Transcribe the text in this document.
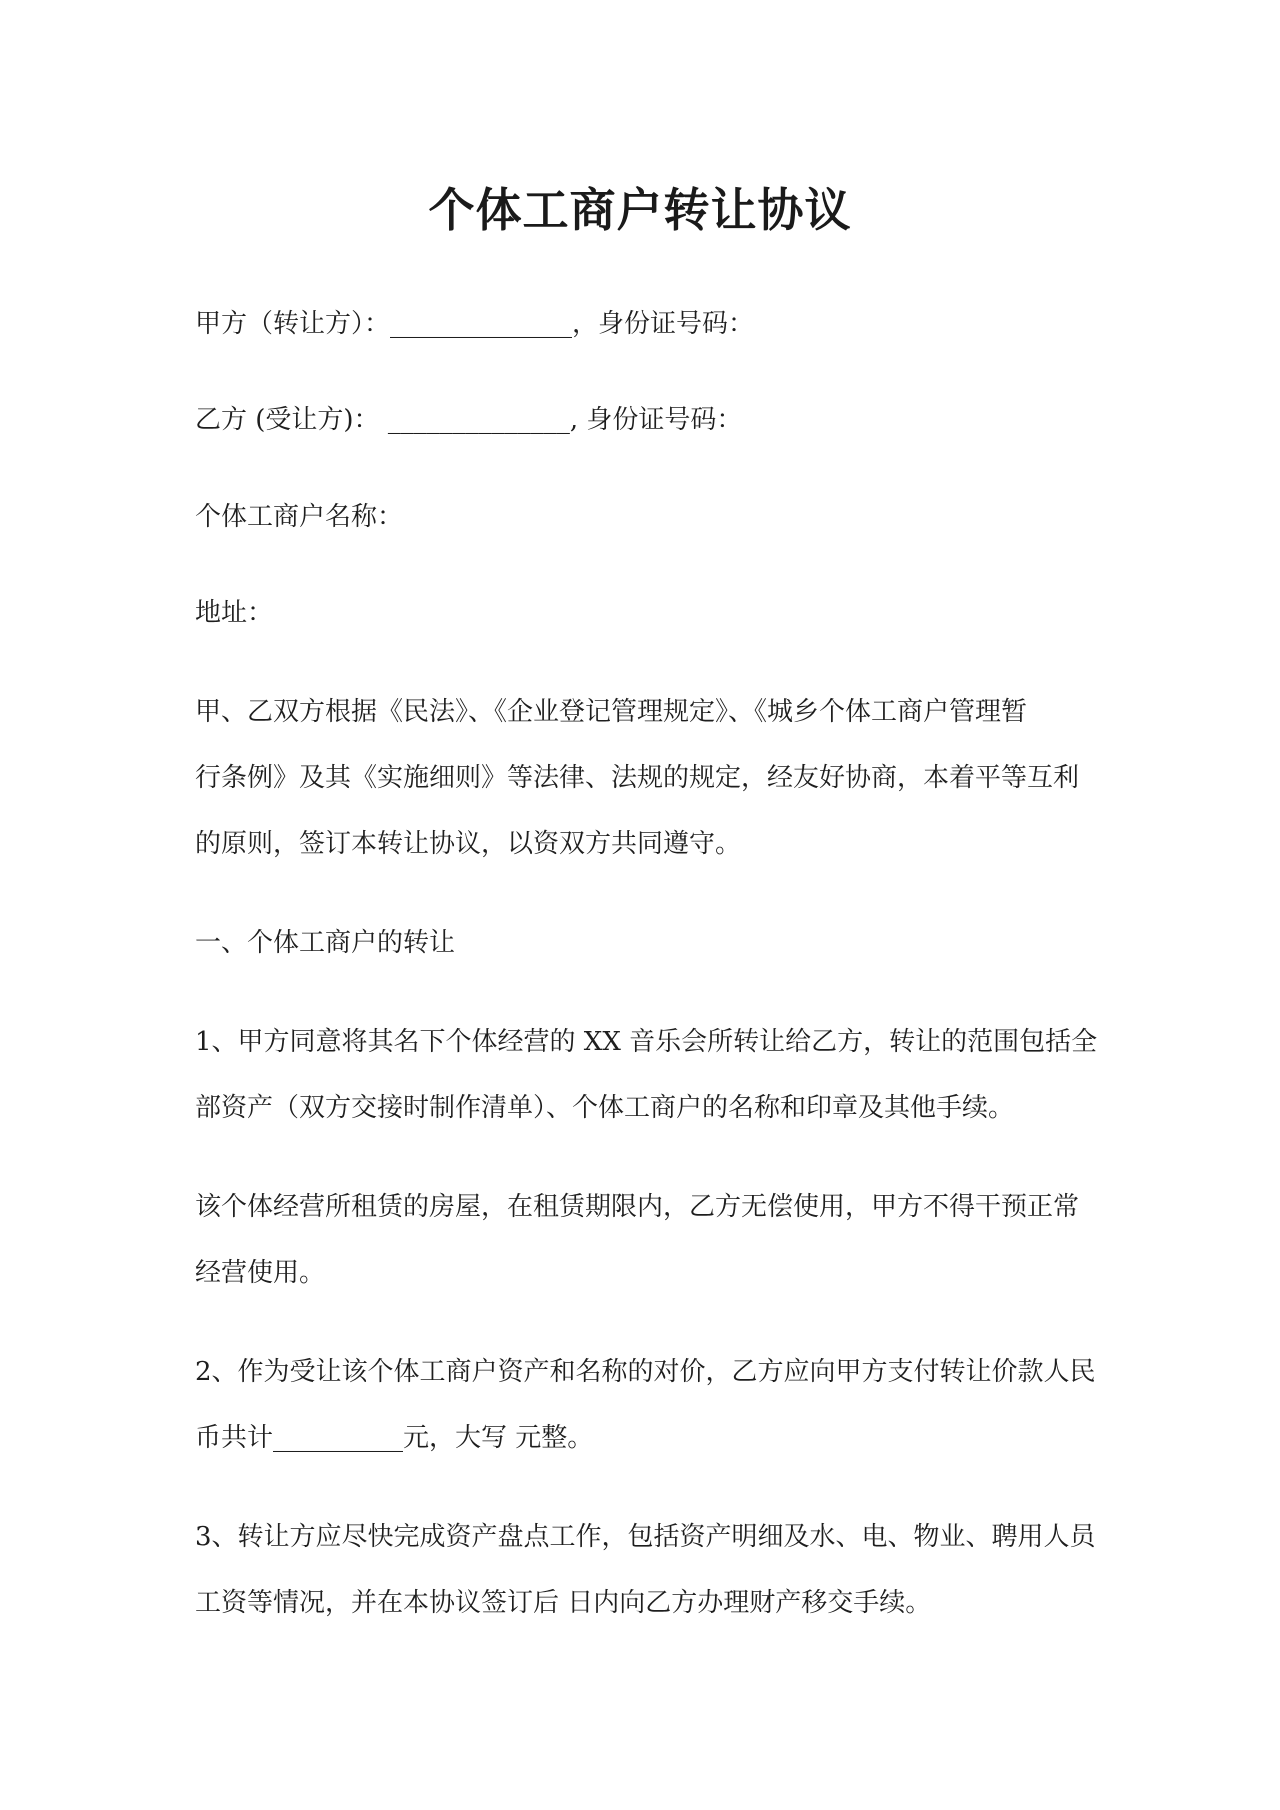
个体工商户转让协议

甲方（转让方）：______________，身份证号码：

乙方 (受让方)： ______________, 身份证号码：

个体工商户名称：

地址：

甲、乙双方根据《民法》、《企业登记管理规定》、《城乡个体工商户管理暂

行条例》及其《实施细则》等法律、法规的规定，经友好协商，本着平等互利

的原则，签订本转让协议，以资双方共同遵守。

一、个体工商户的转让

1、甲方同意将其名下个体经营的 XX 音乐会所转让给乙方，转让的范围包括全

部资产（双方交接时制作清单）、个体工商户的名称和印章及其他手续。

该个体经营所租赁的房屋，在租赁期限内，乙方无偿使用，甲方不得干预正常

经营使用。

2、作为受让该个体工商户资产和名称的对价，乙方应向甲方支付转让价款人民

币共计__________元，大写 元整。

3、转让方应尽快完成资产盘点工作，包括资产明细及水、电、物业、聘用人员

工资等情况，并在本协议签订后 日内向乙方办理财产移交手续。
